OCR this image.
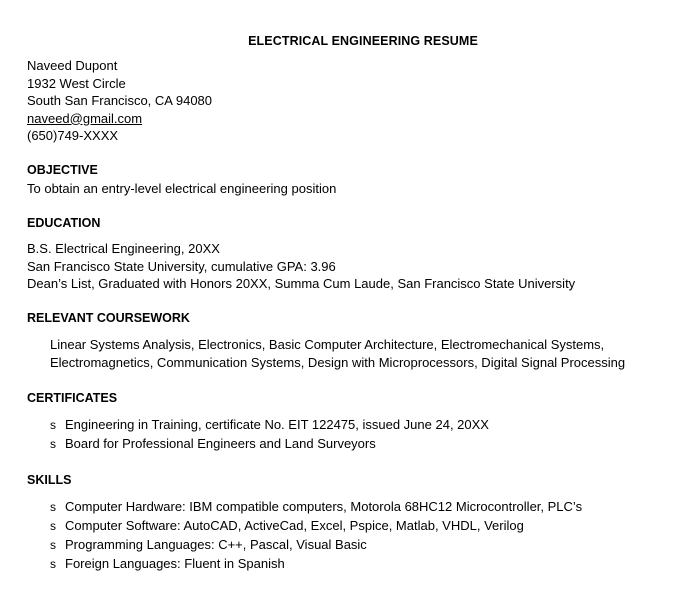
ELECTRICAL ENGINEERING RESUME
Naveed Dupont
1932 West Circle
South San Francisco, CA 94080
naveed@gmail.com
(650)749-XXXX
OBJECTIVE
To obtain an entry-level electrical engineering position
EDUCATION
B.S. Electrical Engineering, 20XX
San Francisco State University, cumulative GPA: 3.96
Dean’s List, Graduated with Honors 20XX, Summa Cum Laude, San Francisco State University
RELEVANT COURSEWORK
Linear Systems Analysis, Electronics, Basic Computer Architecture, Electromechanical Systems,
Electromagnetics, Communication Systems, Design with Microprocessors, Digital Signal Processing
CERTIFICATES
s Engineering in Training, certificate No. EIT 122475, issued June 24, 20XX
s Board for Professional Engineers and Land Surveyors
SKILLS
s Computer Hardware: IBM compatible computers, Motorola 68HC12 Microcontroller, PLC’s
s Computer Software: AutoCAD, ActiveCad, Excel, Pspice, Matlab, VHDL, Verilog
s Programming Languages: C++, Pascal, Visual Basic
s Foreign Languages: Fluent in Spanish
